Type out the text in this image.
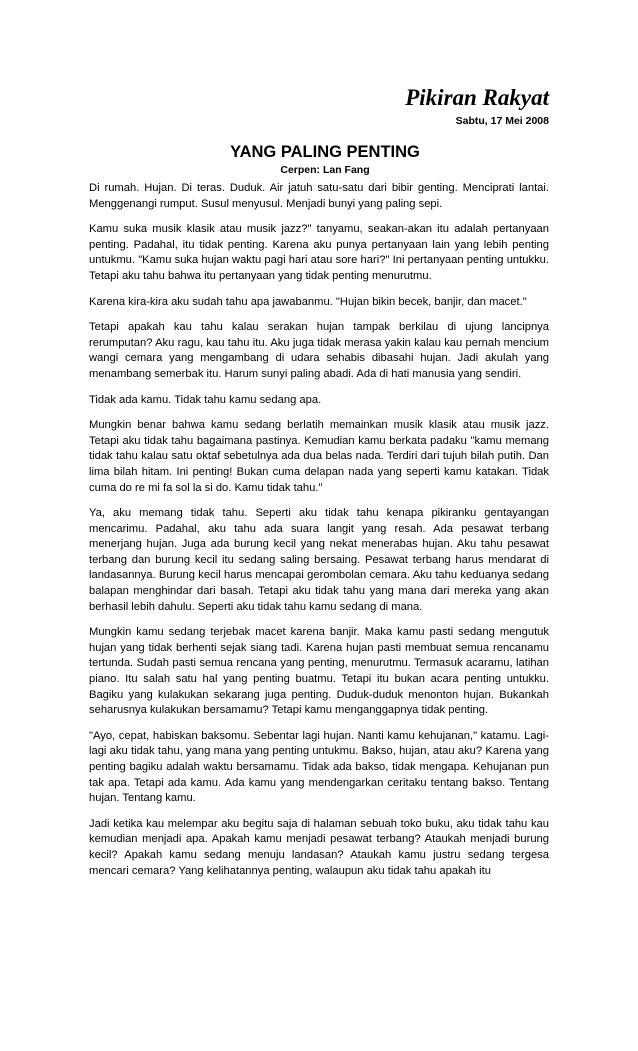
Pikiran Rakyat
Sabtu, 17 Mei 2008
YANG PALING PENTING
Cerpen: Lan Fang

Di rumah. Hujan. Di teras. Duduk. Air jatuh satu-satu dari bibir genting. Menciprati lantai. Menggenangi rumput. Susul menyusul. Menjadi bunyi yang paling sepi.

Kamu suka musik klasik atau musik jazz?" tanyamu, seakan-akan itu adalah pertanyaan penting. Padahal, itu tidak penting. Karena aku punya pertanyaan lain yang lebih penting untukmu. "Kamu suka hujan waktu pagi hari atau sore hari?" Ini pertanyaan penting untukku. Tetapi aku tahu bahwa itu pertanyaan yang tidak penting menurutmu.

Karena kira-kira aku sudah tahu apa jawabanmu. "Hujan bikin becek, banjir, dan macet."

Tetapi apakah kau tahu kalau serakan hujan tampak berkilau di ujung lancipnya rerumputan? Aku ragu, kau tahu itu. Aku juga tidak merasa yakin kalau kau pernah mencium wangi cemara yang mengambang di udara sehabis dibasahi hujan. Jadi akulah yang menambang semerbak itu. Harum sunyi paling abadi. Ada di hati manusia yang sendiri.

Tidak ada kamu. Tidak tahu kamu sedang apa.

Mungkin benar bahwa kamu sedang berlatih memainkan musik klasik atau musik jazz. Tetapi aku tidak tahu bagaimana pastinya. Kemudian kamu berkata padaku "kamu memang tidak tahu kalau satu oktaf sebetulnya ada dua belas nada. Terdiri dari tujuh bilah putih. Dan lima bilah hitam. Ini penting! Bukan cuma delapan nada yang seperti kamu katakan. Tidak cuma do re mi fa sol la si do. Kamu tidak tahu."

Ya, aku memang tidak tahu. Seperti aku tidak tahu kenapa pikiranku gentayangan mencarimu. Padahal, aku tahu ada suara langit yang resah. Ada pesawat terbang menerjang hujan. Juga ada burung kecil yang nekat menerabas hujan. Aku tahu pesawat terbang dan burung kecil itu sedang saling bersaing. Pesawat terbang harus mendarat di landasannya. Burung kecil harus mencapai gerombolan cemara. Aku tahu keduanya sedang balapan menghindar dari basah. Tetapi aku tidak tahu yang mana dari mereka yang akan berhasil lebih dahulu. Seperti aku tidak tahu kamu sedang di mana.

Mungkin kamu sedang terjebak macet karena banjir. Maka kamu pasti sedang mengutuk hujan yang tidak berhenti sejak siang tadi. Karena hujan pasti membuat semua rencanamu tertunda. Sudah pasti semua rencana yang penting, menurutmu. Termasuk acaramu, latihan piano. Itu salah satu hal yang penting buatmu. Tetapi itu bukan acara penting untukku. Bagiku yang kulakukan sekarang juga penting. Duduk-duduk menonton hujan. Bukankah seharusnya kulakukan bersamamu? Tetapi kamu menganggapnya tidak penting.

"Ayo, cepat, habiskan baksomu. Sebentar lagi hujan. Nanti kamu kehujanan," katamu. Lagi-lagi aku tidak tahu, yang mana yang penting untukmu. Bakso, hujan, atau aku? Karena yang penting bagiku adalah waktu bersamamu. Tidak ada bakso, tidak mengapa. Kehujanan pun tak apa. Tetapi ada kamu. Ada kamu yang mendengarkan ceritaku tentang bakso. Tentang hujan. Tentang kamu.

Jadi ketika kau melempar aku begitu saja di halaman sebuah toko buku, aku tidak tahu kau kemudian menjadi apa. Apakah kamu menjadi pesawat terbang? Ataukah menjadi burung kecil? Apakah kamu sedang menuju landasan? Ataukah kamu justru sedang tergesa mencari cemara? Yang kelihatannya penting, walaupun aku tidak tahu apakah itu
